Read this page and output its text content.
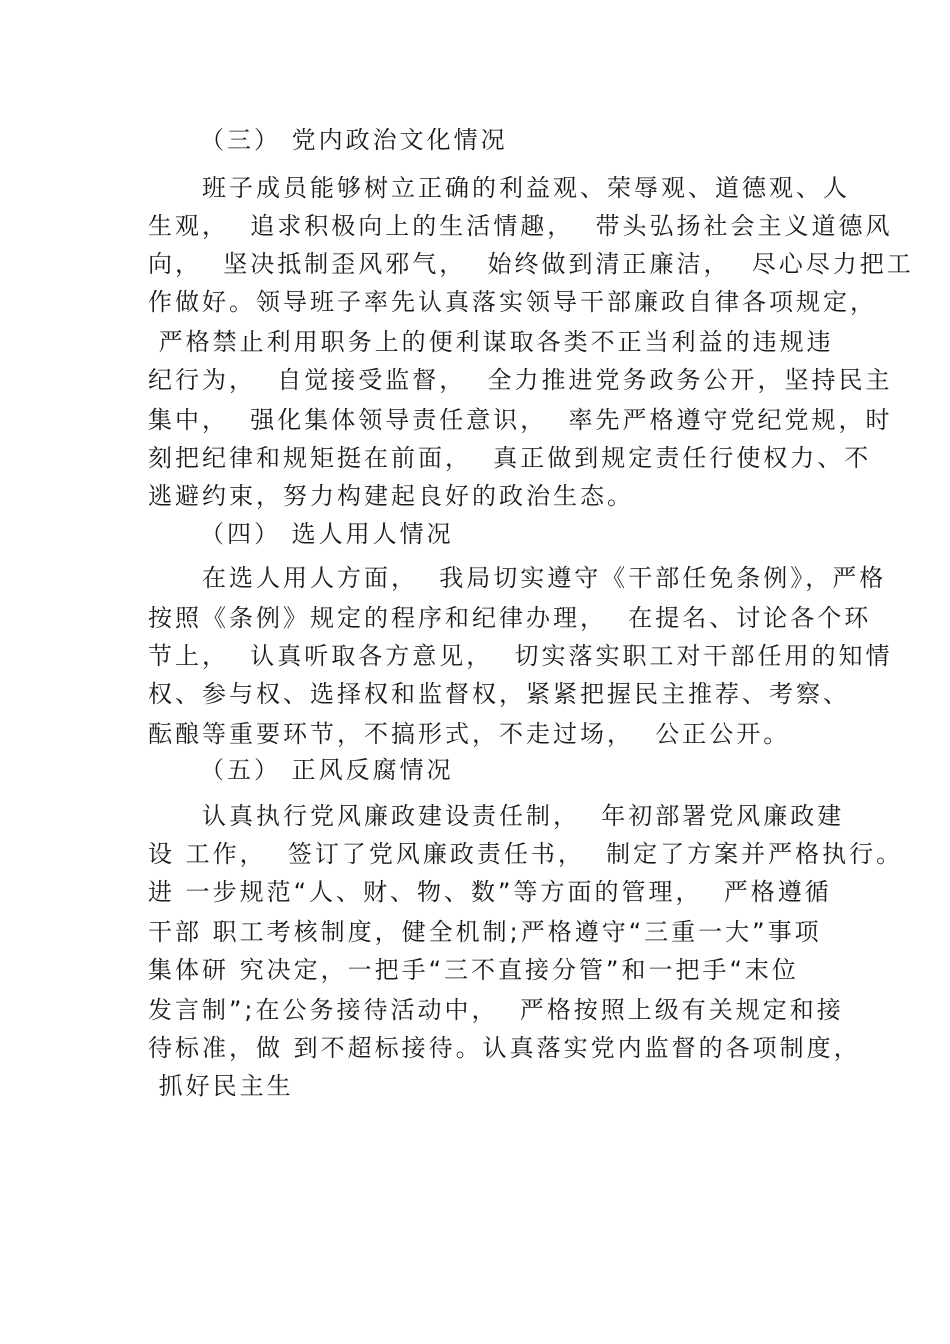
（三） 党内政治文化情况
　　班子成员能够树立正确的利益观、荣辱观、道德观、人
生观，  追求积极向上的生活情趣，  带头弘扬社会主义道德风
向，  坚决抵制歪风邪气，  始终做到清正廉洁，  尽心尽力把工
作做好。领导班子率先认真落实领导干部廉政自律各项规定，
严格禁止利用职务上的便利谋取各类不正当利益的违规违
纪行为，  自觉接受监督，  全力推进党务政务公开，坚持民主
集中，  强化集体领导责任意识，  率先严格遵守党纪党规，时
刻把纪律和规矩挺在前面，  真正做到规定责任行使权力、不
逃避约束，努力构建起良好的政治生态。
（四） 选人用人情况
　　在选人用人方面，  我局切实遵守《干部任免条例》，严格
按照《条例》规定的程序和纪律办理，  在提名、讨论各个环
节上，  认真听取各方意见，  切实落实职工对干部任用的知情
权、参与权、选择权和监督权，紧紧把握民主推荐、考察、
酝酿等重要环节，不搞形式，不走过场，  公正公开。
（五） 正风反腐情况
　　认真执行党风廉政建设责任制，  年初部署党风廉政建
设 工作，  签订了党风廉政责任书，  制定了方案并严格执行。
进 一步规范“人、财、物、数”等方面的管理，  严格遵循
干部 职工考核制度，健全机制;严格遵守“三重一大”事项
集体研 究决定，一把手“三不直接分管”和一把手“末位
发言制”;在公务接待活动中，  严格按照上级有关规定和接
待标准，做 到不超标接待。认真落实党内监督的各项制度，
抓好民主生
